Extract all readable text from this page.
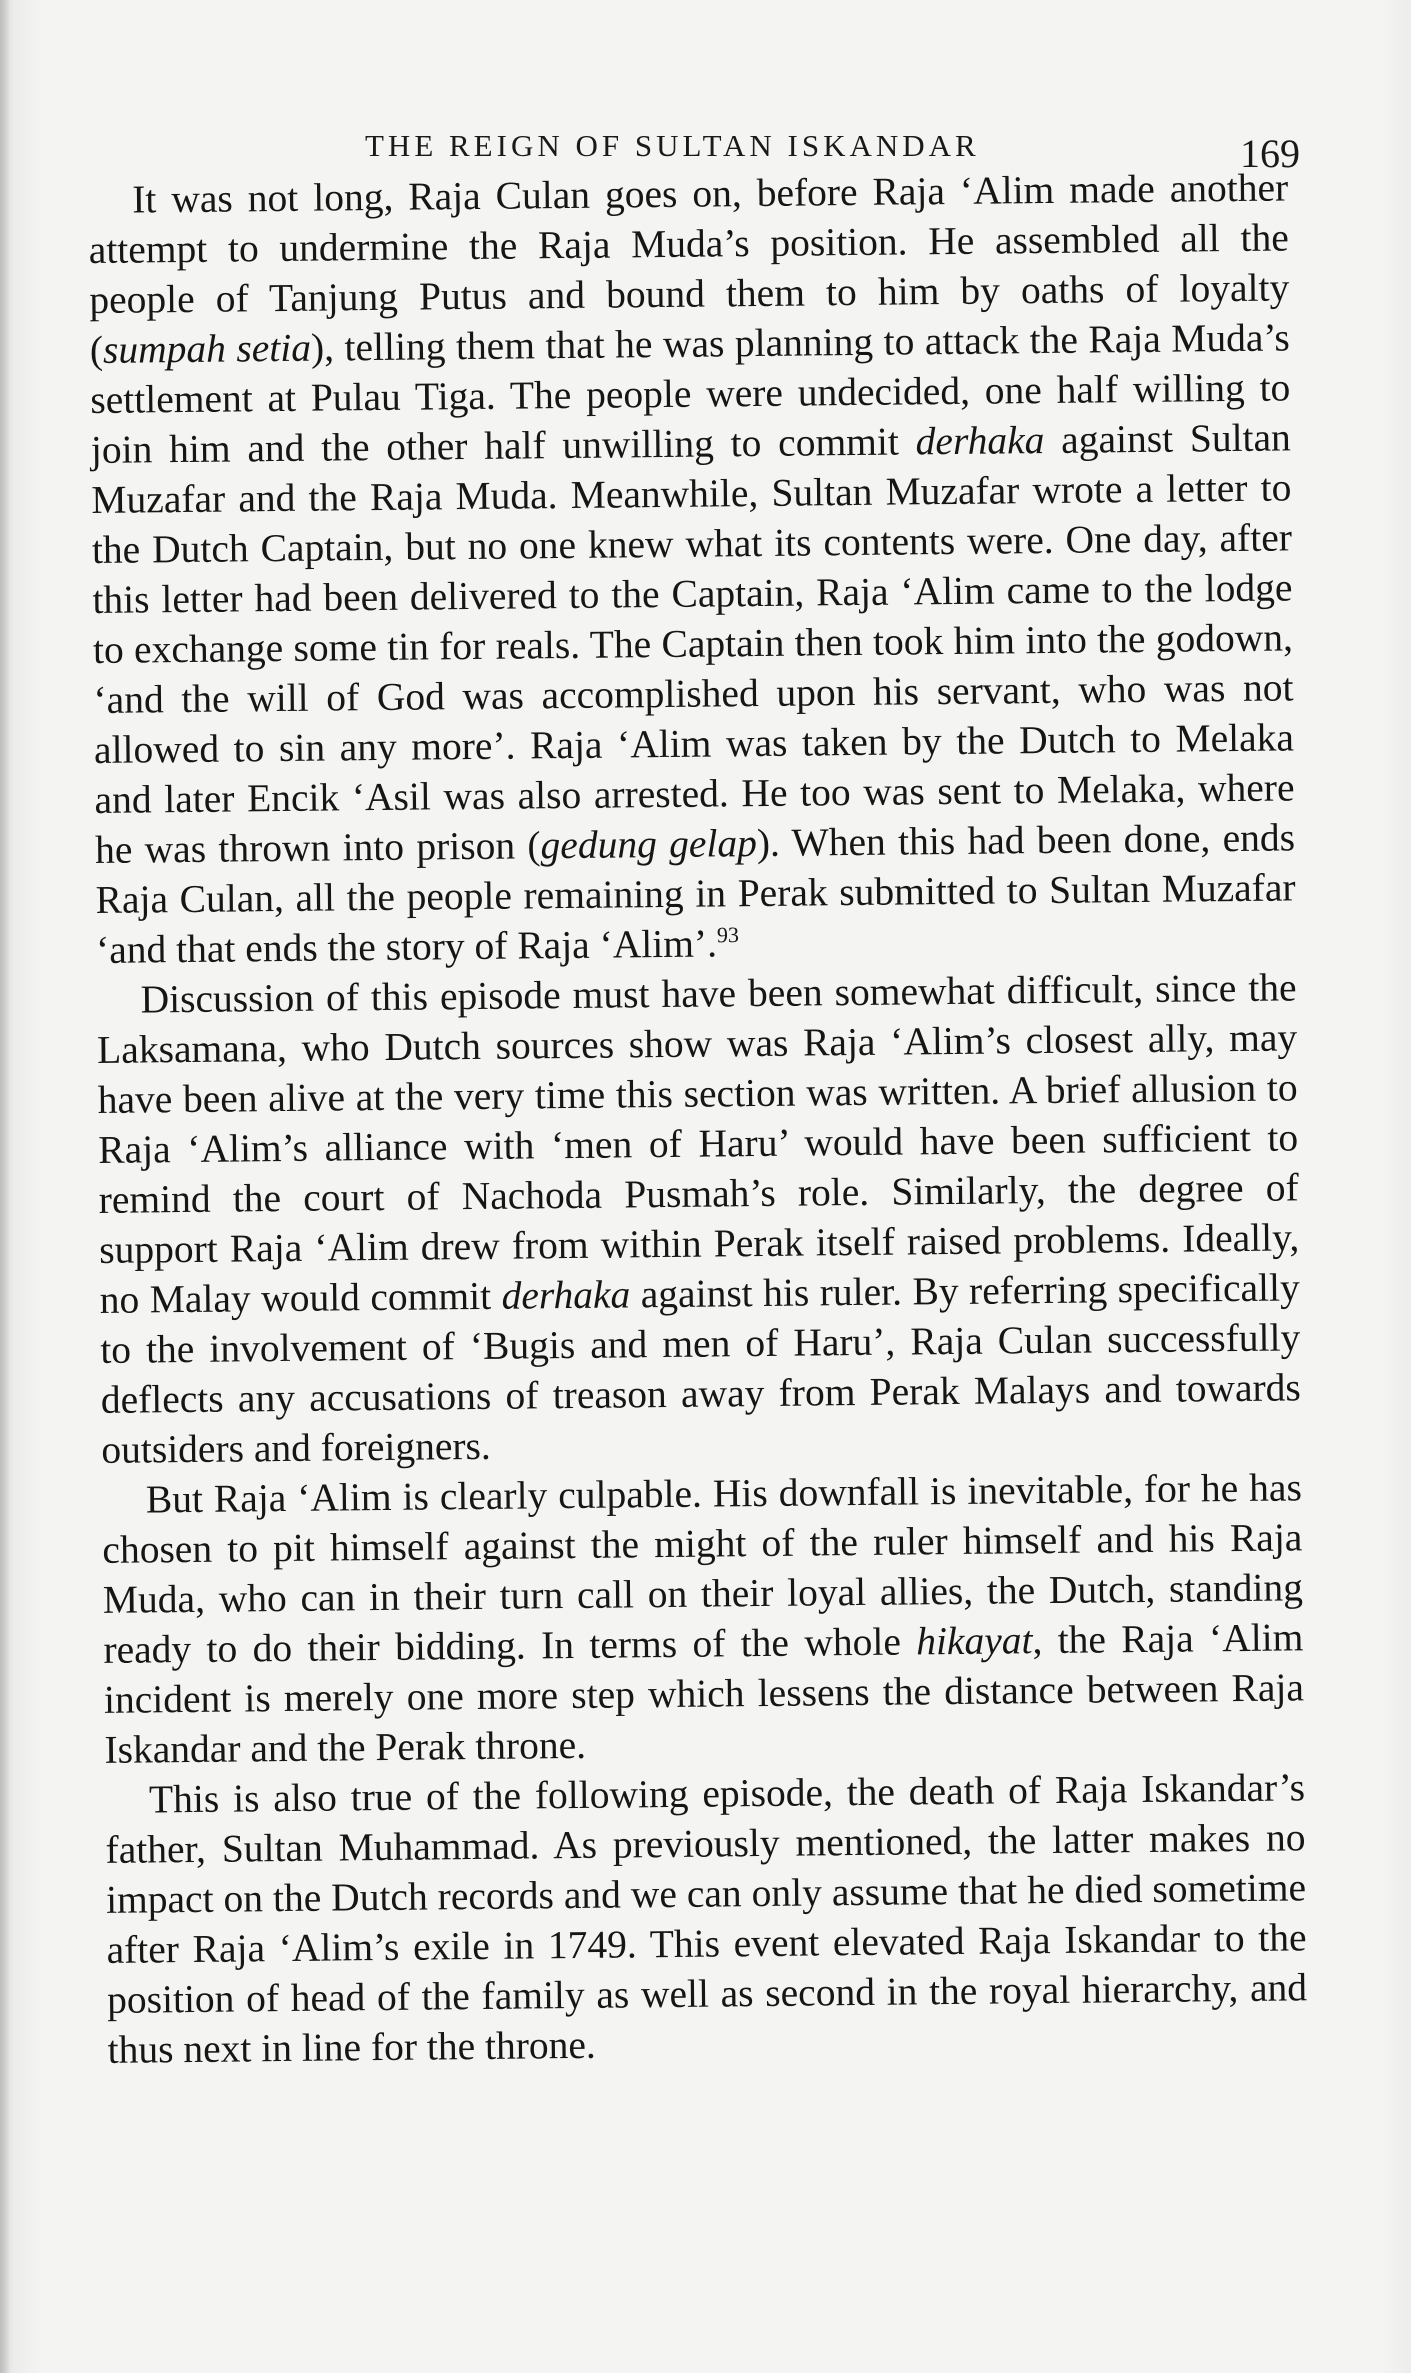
THE REIGN OF SULTAN ISKANDAR	169

It was not long, Raja Culan goes on, before Raja ‘Alim made another attempt to undermine the Raja Muda’s position. He assembled all the people of Tanjung Putus and bound them to him by oaths of loyalty (sumpah setia), telling them that he was planning to attack the Raja Muda’s settlement at Pulau Tiga. The people were undecided, one half willing to join him and the other half unwilling to commit derhaka against Sultan Muzafar and the Raja Muda. Meanwhile, Sultan Muzafar wrote a letter to the Dutch Captain, but no one knew what its contents were. One day, after this letter had been delivered to the Captain, Raja ‘Alim came to the lodge to exchange some tin for reals. The Captain then took him into the godown, ‘and the will of God was accomplished upon his servant, who was not allowed to sin any more’. Raja ‘Alim was taken by the Dutch to Melaka and later Encik ‘Asil was also arrested. He too was sent to Melaka, where he was thrown into prison (gedung gelap). When this had been done, ends Raja Culan, all the people remaining in Perak submitted to Sultan Muzafar ‘and that ends the story of Raja ‘Alim’.$^{93}$

Discussion of this episode must have been somewhat difficult, since the Laksamana, who Dutch sources show was Raja ‘Alim’s closest ally, may have been alive at the very time this section was written. A brief allusion to Raja ‘Alim’s alliance with ‘men of Haru’ would have been sufficient to remind the court of Nachoda Pusmah’s role. Similarly, the degree of support Raja ‘Alim drew from within Perak itself raised problems. Ideally, no Malay would commit derhaka against his ruler. By referring specifically to the involvement of ‘Bugis and men of Haru’, Raja Culan successfully deflects any accusations of treason away from Perak Malays and towards outsiders and foreigners.

But Raja ‘Alim is clearly culpable. His downfall is inevitable, for he has chosen to pit himself against the might of the ruler himself and his Raja Muda, who can in their turn call on their loyal allies, the Dutch, standing ready to do their bidding. In terms of the whole hikayat, the Raja ‘Alim incident is merely one more step which lessens the distance between Raja Iskandar and the Perak throne.

This is also true of the following episode, the death of Raja Iskandar’s father, Sultan Muhammad. As previously mentioned, the latter makes no impact on the Dutch records and we can only assume that he died sometime after Raja ‘Alim’s exile in 1749. This event elevated Raja Iskandar to the position of head of the family as well as second in the royal hierarchy, and thus next in line for the throne.
